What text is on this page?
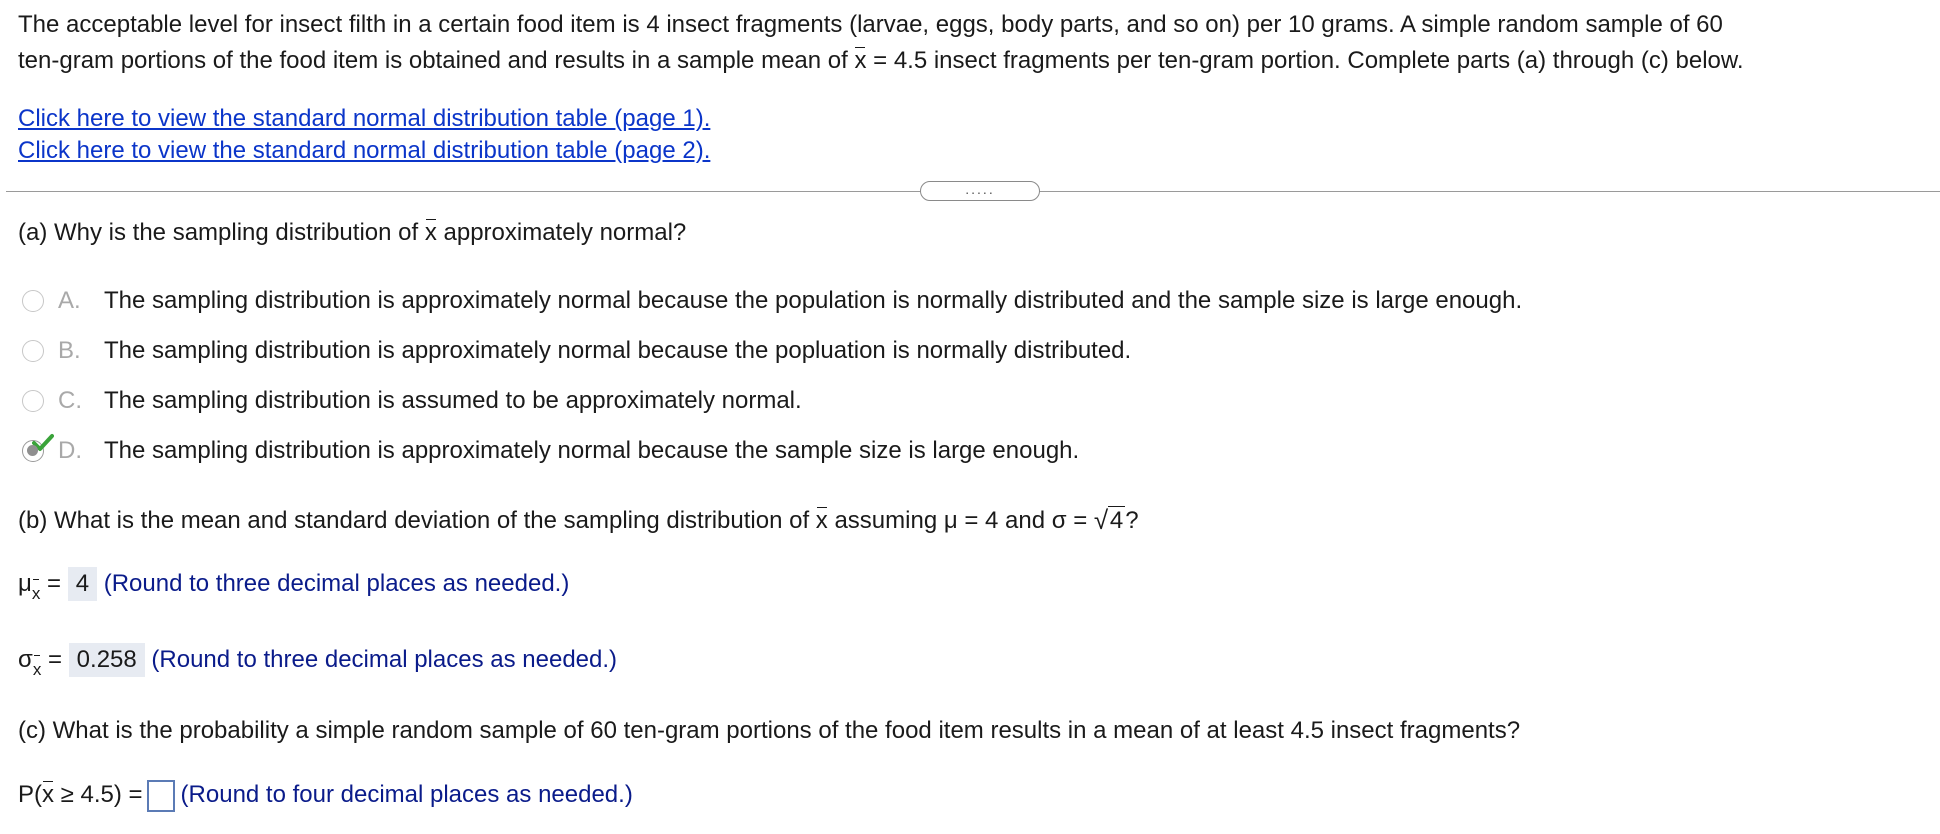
The acceptable level for insect filth in a certain food item is 4 insect fragments (larvae, eggs, body parts, and so on) per 10 grams. A simple random sample of 60
ten-gram portions of the food item is obtained and results in a sample mean of x = 4.5 insect fragments per ten-gram portion. Complete parts (a) through (c) below.
Click here to view the standard normal distribution table (page 1).
Click here to view the standard normal distribution table (page 2).
.....
(a) Why is the sampling distribution of x approximately normal?
A. The sampling distribution is approximately normal because the population is normally distributed and the sample size is large enough.
B. The sampling distribution is approximately normal because the popluation is normally distributed.
C. The sampling distribution is assumed to be approximately normal.
D. The sampling distribution is approximately normal because the sample size is large enough.
(b) What is the mean and standard deviation of the sampling distribution of x assuming μ = 4 and σ = √ 4?
$\mu_x = 4$ (Round to three decimal places as needed.)
$\sigma_x = 0.258$ (Round to three decimal places as needed.)
(c) What is the probability a simple random sample of 60 ten-gram portions of the food item results in a mean of at least 4.5 insect fragments?
P(x ≥ 4.5) = (Round to four decimal places as needed.)
